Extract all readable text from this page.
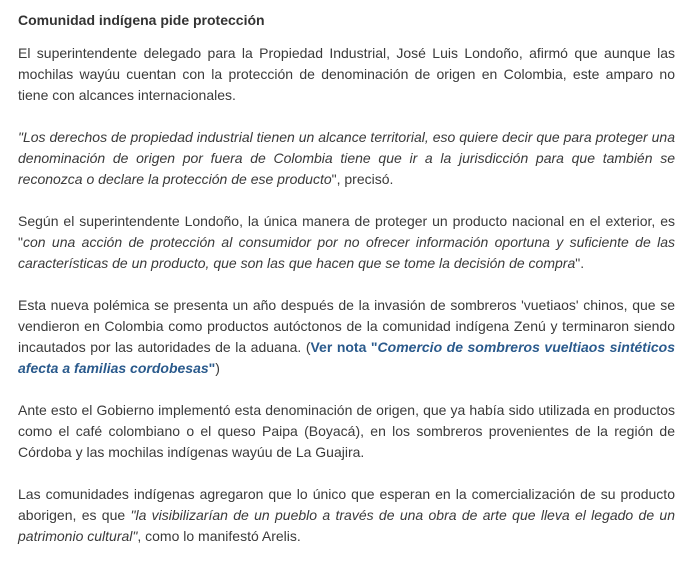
Comunidad indígena pide protección

El superintendente delegado para la Propiedad Industrial, José Luis Londoño, afirmó que aunque las mochilas wayúu cuentan con la protección de denominación de origen en Colombia, este amparo no tiene con alcances internacionales.

"Los derechos de propiedad industrial tienen un alcance territorial, eso quiere decir que para proteger una denominación de origen por fuera de Colombia tiene que ir a la jurisdicción para que también se reconozca o declare la protección de ese producto", precisó.

Según el superintendente Londoño, la única manera de proteger un producto nacional en el exterior, es "con una acción de protección al consumidor por no ofrecer información oportuna y suficiente de las características de un producto, que son las que hacen que se tome la decisión de compra".

Esta nueva polémica se presenta un año después de la invasión de sombreros 'vuetiaos' chinos, que se vendieron en Colombia como productos autóctonos de la comunidad indígena Zenú y terminaron siendo incautados por las autoridades de la aduana. (Ver nota "Comercio de sombreros vueltiaos sintéticos afecta a familias cordobesas")

Ante esto el Gobierno implementó esta denominación de origen, que ya había sido utilizada en productos como el café colombiano o el queso Paipa (Boyacá), en los sombreros provenientes de la región de Córdoba y las mochilas indígenas wayúu de La Guajira.

Las comunidades indígenas agregaron que lo único que esperan en la comercialización de su producto aborigen, es que "la visibilizarían de un pueblo a través de una obra de arte que lleva el legado de un patrimonio cultural", como lo manifestó Arelis.
